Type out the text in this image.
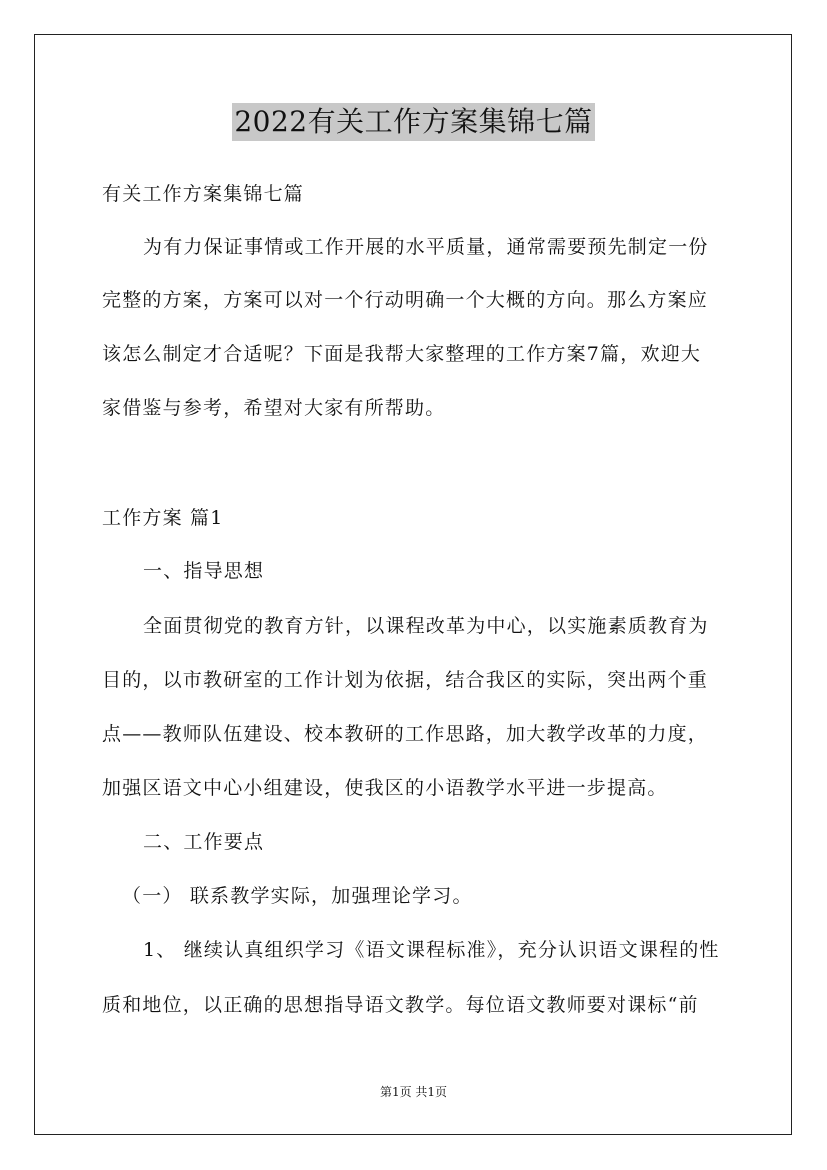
2022有关工作方案集锦七篇
有关工作方案集锦七篇
为有力保证事情或工作开展的水平质量，通常需要预先制定一份
完整的方案，方案可以对一个行动明确一个大概的方向。那么方案应
该怎么制定才合适呢？下面是我帮大家整理的工作方案7篇，欢迎大
家借鉴与参考，希望对大家有所帮助。
工作方案 篇1
一、指导思想
全面贯彻党的教育方针，以课程改革为中心，以实施素质教育为
目的，以市教研室的工作计划为依据，结合我区的实际，突出两个重
点——教师队伍建设、校本教研的工作思路，加大教学改革的力度，
加强区语文中心小组建设，使我区的小语教学水平进一步提高。
二、工作要点
（一） 联系教学实际，加强理论学习。
1、 继续认真组织学习《语文课程标准》，充分认识语文课程的性
质和地位，以正确的思想指导语文教学。每位语文教师要对课标“前
第1页 共1页
